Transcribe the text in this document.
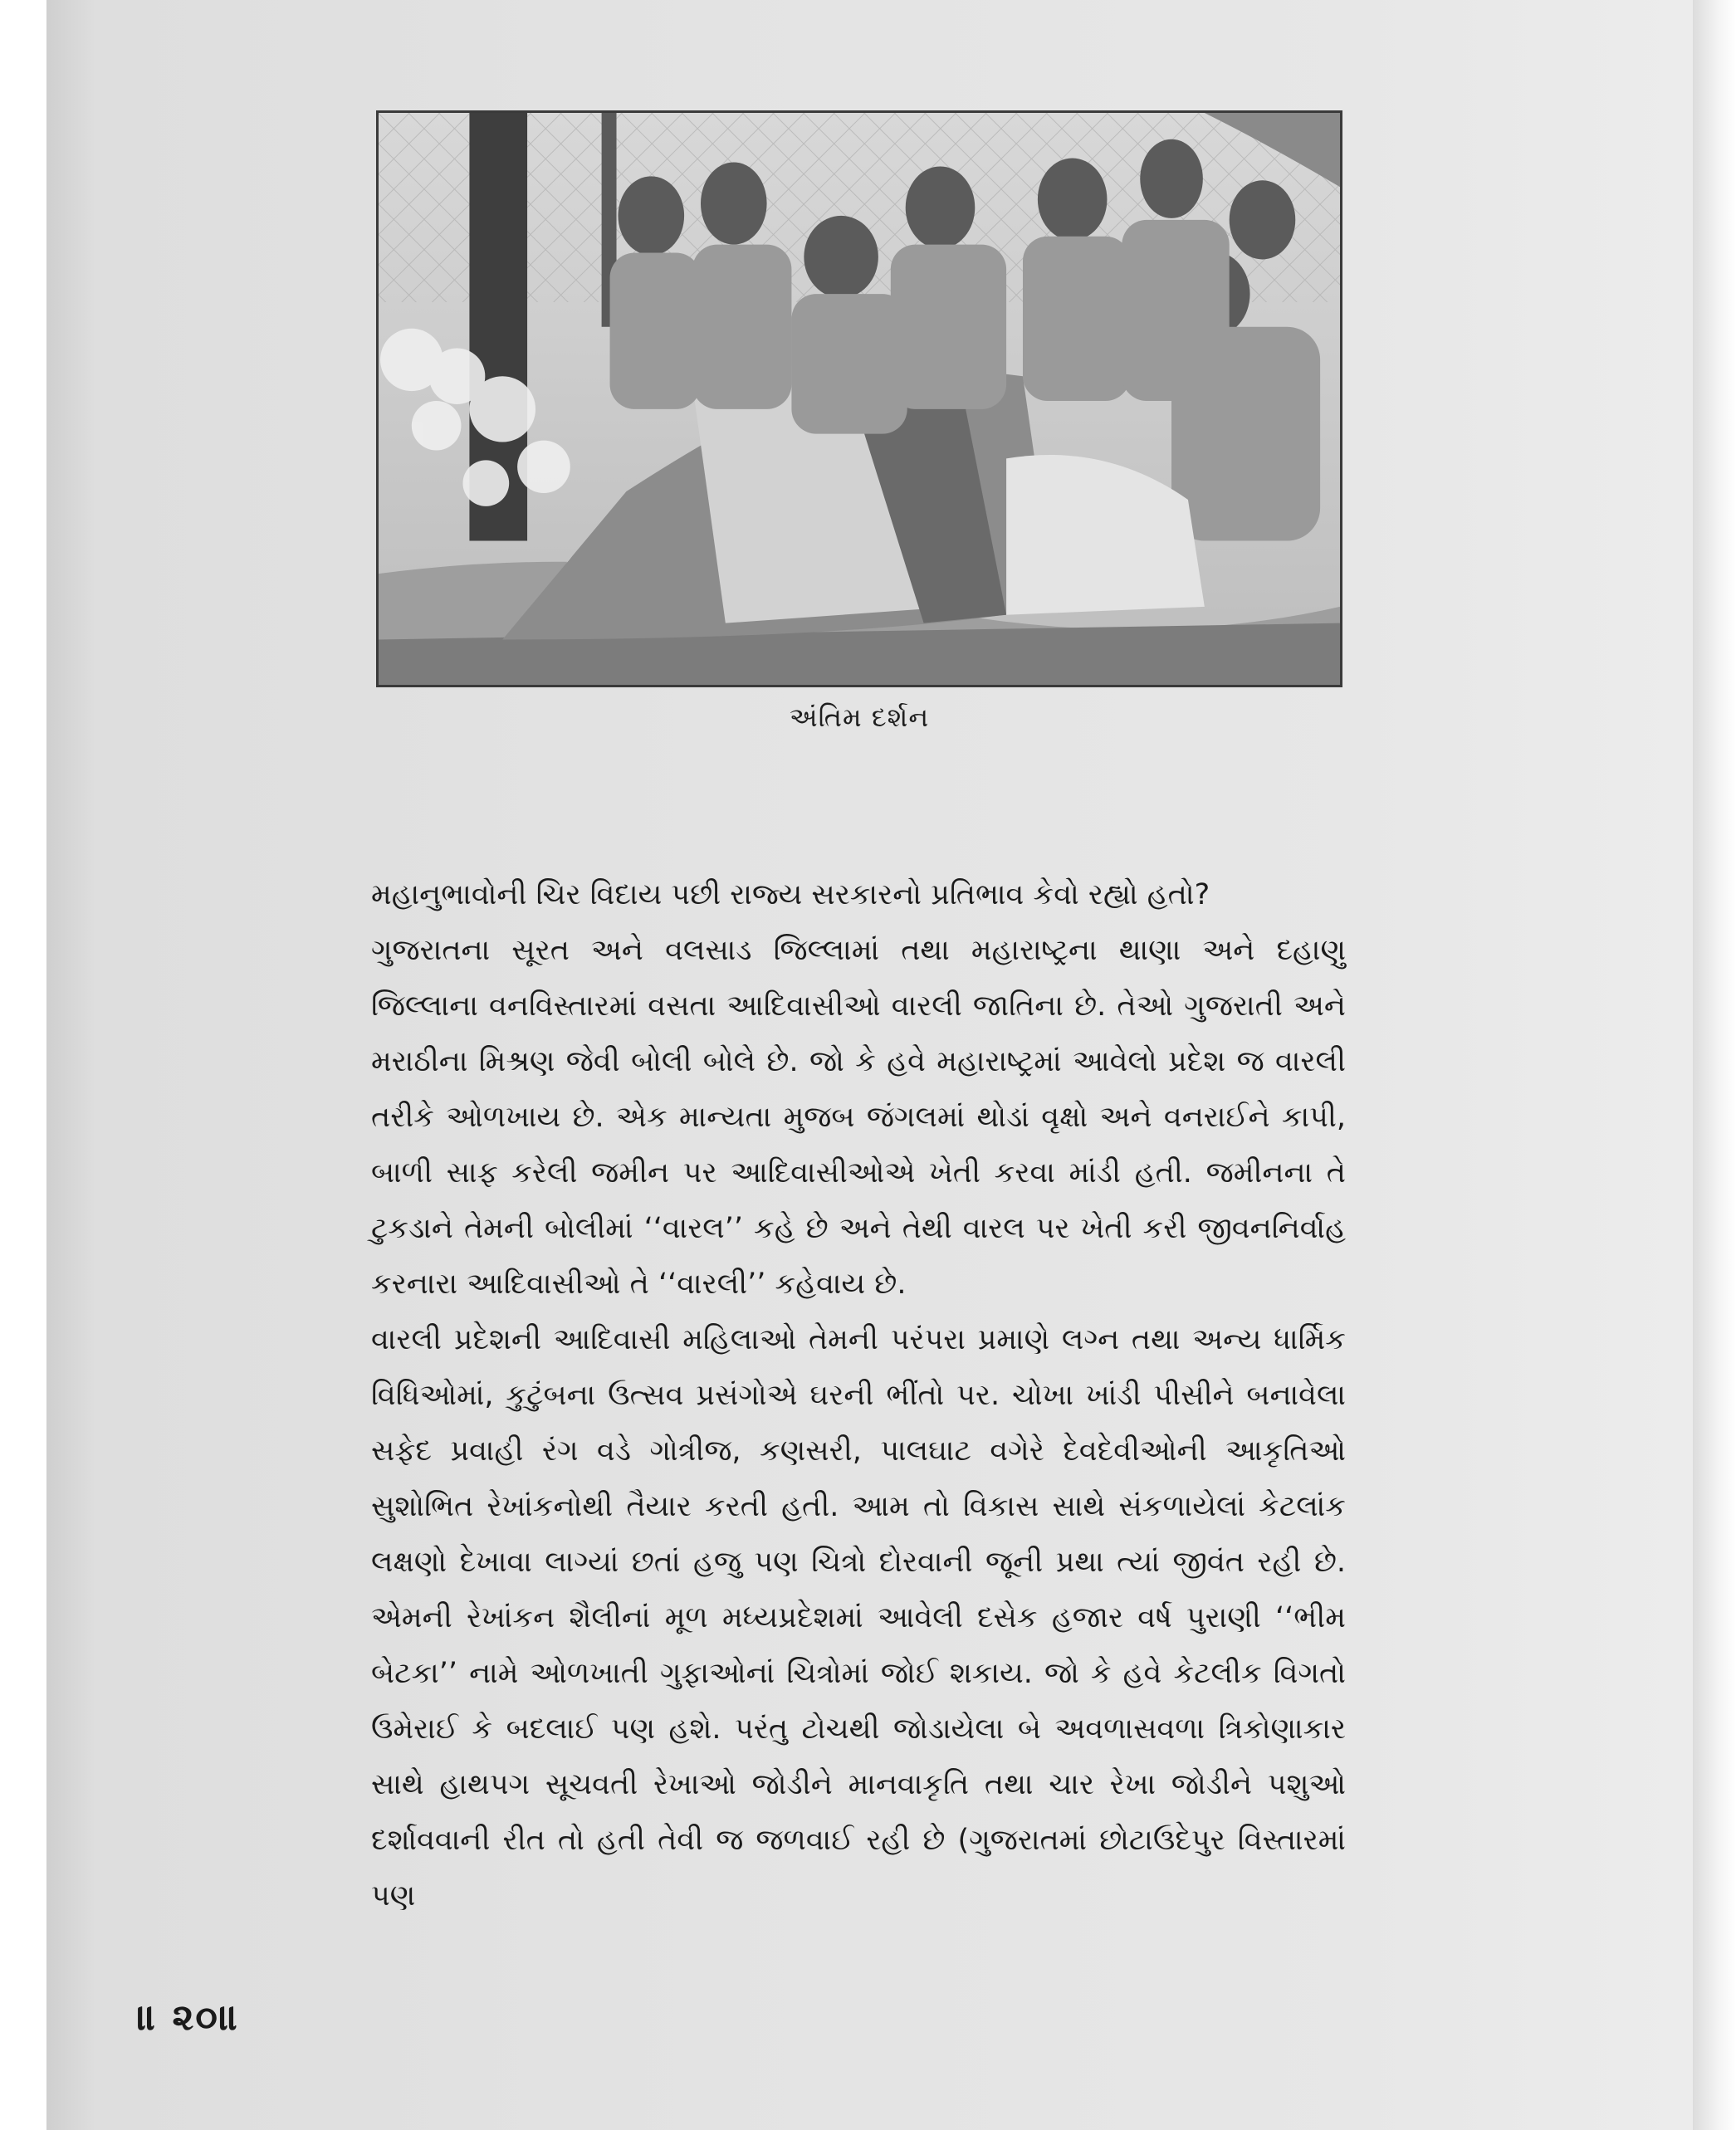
અંતિમ દર્શન

મહાનુભાવોની ચિર વિદાય પછી રાજ્ય સરકારનો પ્રતિભાવ કેવો રહ્યો હતો?

ગુજરાતના સૂરત અને વલસાડ જિલ્લામાં તથા મહારાષ્ટ્રના થાણા અને દહાણુ જિલ્લાના વનવિસ્તારમાં વસતા આદિવાસીઓ વારલી જાતિના છે. તેઓ ગુજરાતી અને મરાઠીના મિશ્રણ જેવી બોલી બોલે છે. જો કે હવે મહારાષ્ટ્રમાં આવેલો પ્રદેશ જ વારલી તરીકે ઓળખાય છે. એક માન્યતા મુજબ જંગલમાં થોડાં વૃક્ષો અને વનરાઈને કાપી, બાળી સાફ કરેલી જમીન પર આદિવાસીઓએ ખેતી કરવા માંડી હતી. જમીનના તે ટુકડાને તેમની બોલીમાં ‘‘વારલ’’ કહે છે અને તેથી વારલ પર ખેતી કરી જીવનનિર્વાહ કરનારા આદિવાસીઓ તે ‘‘વારલી’’ કહેવાય છે.

વારલી પ્રદેશની આદિવાસી મહિલાઓ તેમની પરંપરા પ્રમાણે લગ્ન તથા અન્ય ધાર્મિક વિધિઓમાં, કુટુંબના ઉત્સવ પ્રસંગોએ ઘરની ભીંતો પર. ચોખા ખાંડી પીસીને બનાવેલા સફેદ પ્રવાહી રંગ વડે ગોત્રીજ, કણસરી, પાલઘાટ વગેરે દેવદેવીઓની આકૃતિઓ સુશોભિત રેખાંકનોથી તૈયાર કરતી હતી. આમ તો વિકાસ સાથે સંકળાયેલાં કેટલાંક લક્ષણો દેખાવા લાગ્યાં છતાં હજુ પણ ચિત્રો દોરવાની જૂની પ્રથા ત્યાં જીવંત રહી છે. એમની રેખાંકન શૈલીનાં મૂળ મધ્યપ્રદેશમાં આવેલી દસેક હજાર વર્ષ પુરાણી ‘‘ભીમ બેટકા’’ નામે ઓળખાતી ગુફાઓનાં ચિત્રોમાં જોઈ શકાય. જો કે હવે કેટલીક વિગતો ઉમેરાઈ કે બદલાઈ પણ હશે. પરંતુ ટોચથી જોડાયેલા બે અવળાસવળા ત્રિકોણાકાર સાથે હાથપગ સૂચવતી રેખાઓ જોડીને માનવાકૃતિ તથા ચાર રેખા જોડીને પશુઓ દર્શાવવાની રીત તો હતી તેવી જ જળવાઈ રહી છે (ગુજરાતમાં છોટાઉદેપુર વિસ્તારમાં પણ

॥ ૨૦॥
